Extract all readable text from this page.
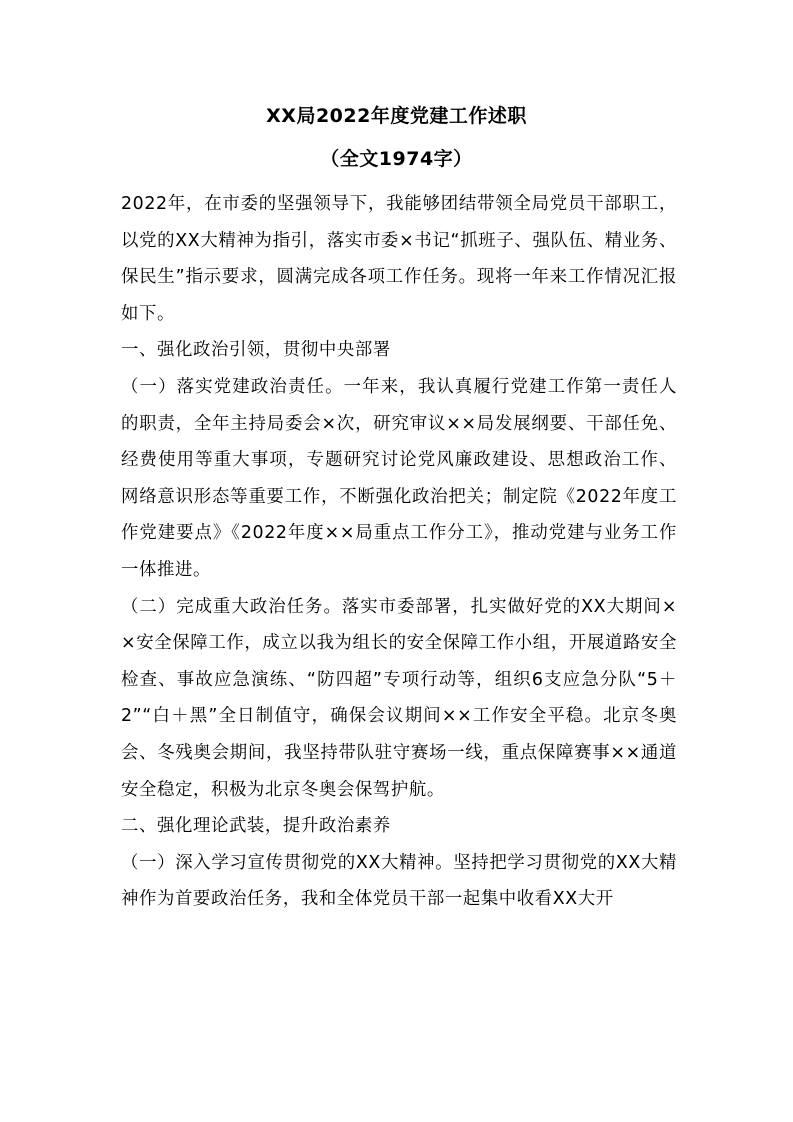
XX局2022年度党建工作述职
（全文1974字）

2022年，在市委的坚强领导下，我能够团结带领全局党员干部职工，以党的XX大精神为指引，落实市委×书记“抓班子、强队伍、精业务、保民生”指示要求，圆满完成各项工作任务。现将一年来工作情况汇报如下。

一、强化政治引领，贯彻中央部署

（一）落实党建政治责任。一年来，我认真履行党建工作第一责任人的职责，全年主持局委会×次，研究审议××局发展纲要、干部任免、经费使用等重大事项，专题研究讨论党风廉政建设、思想政治工作、网络意识形态等重要工作，不断强化政治把关；制定院《2022年度工作党建要点》《2022年度××局重点工作分工》，推动党建与业务工作一体推进。

（二）完成重大政治任务。落实市委部署，扎实做好党的XX大期间××安全保障工作，成立以我为组长的安全保障工作小组，开展道路安全检查、事故应急演练、“防四超”专项行动等，组织6支应急分队“5＋2”“白＋黑”全日制值守，确保会议期间××工作安全平稳。北京冬奥会、冬残奥会期间，我坚持带队驻守赛场一线，重点保障赛事××通道安全稳定，积极为北京冬奥会保驾护航。

二、强化理论武装，提升政治素养

（一）深入学习宣传贯彻党的XX大精神。坚持把学习贯彻党的XX大精神作为首要政治任务，我和全体党员干部一起集中收看XX大开
